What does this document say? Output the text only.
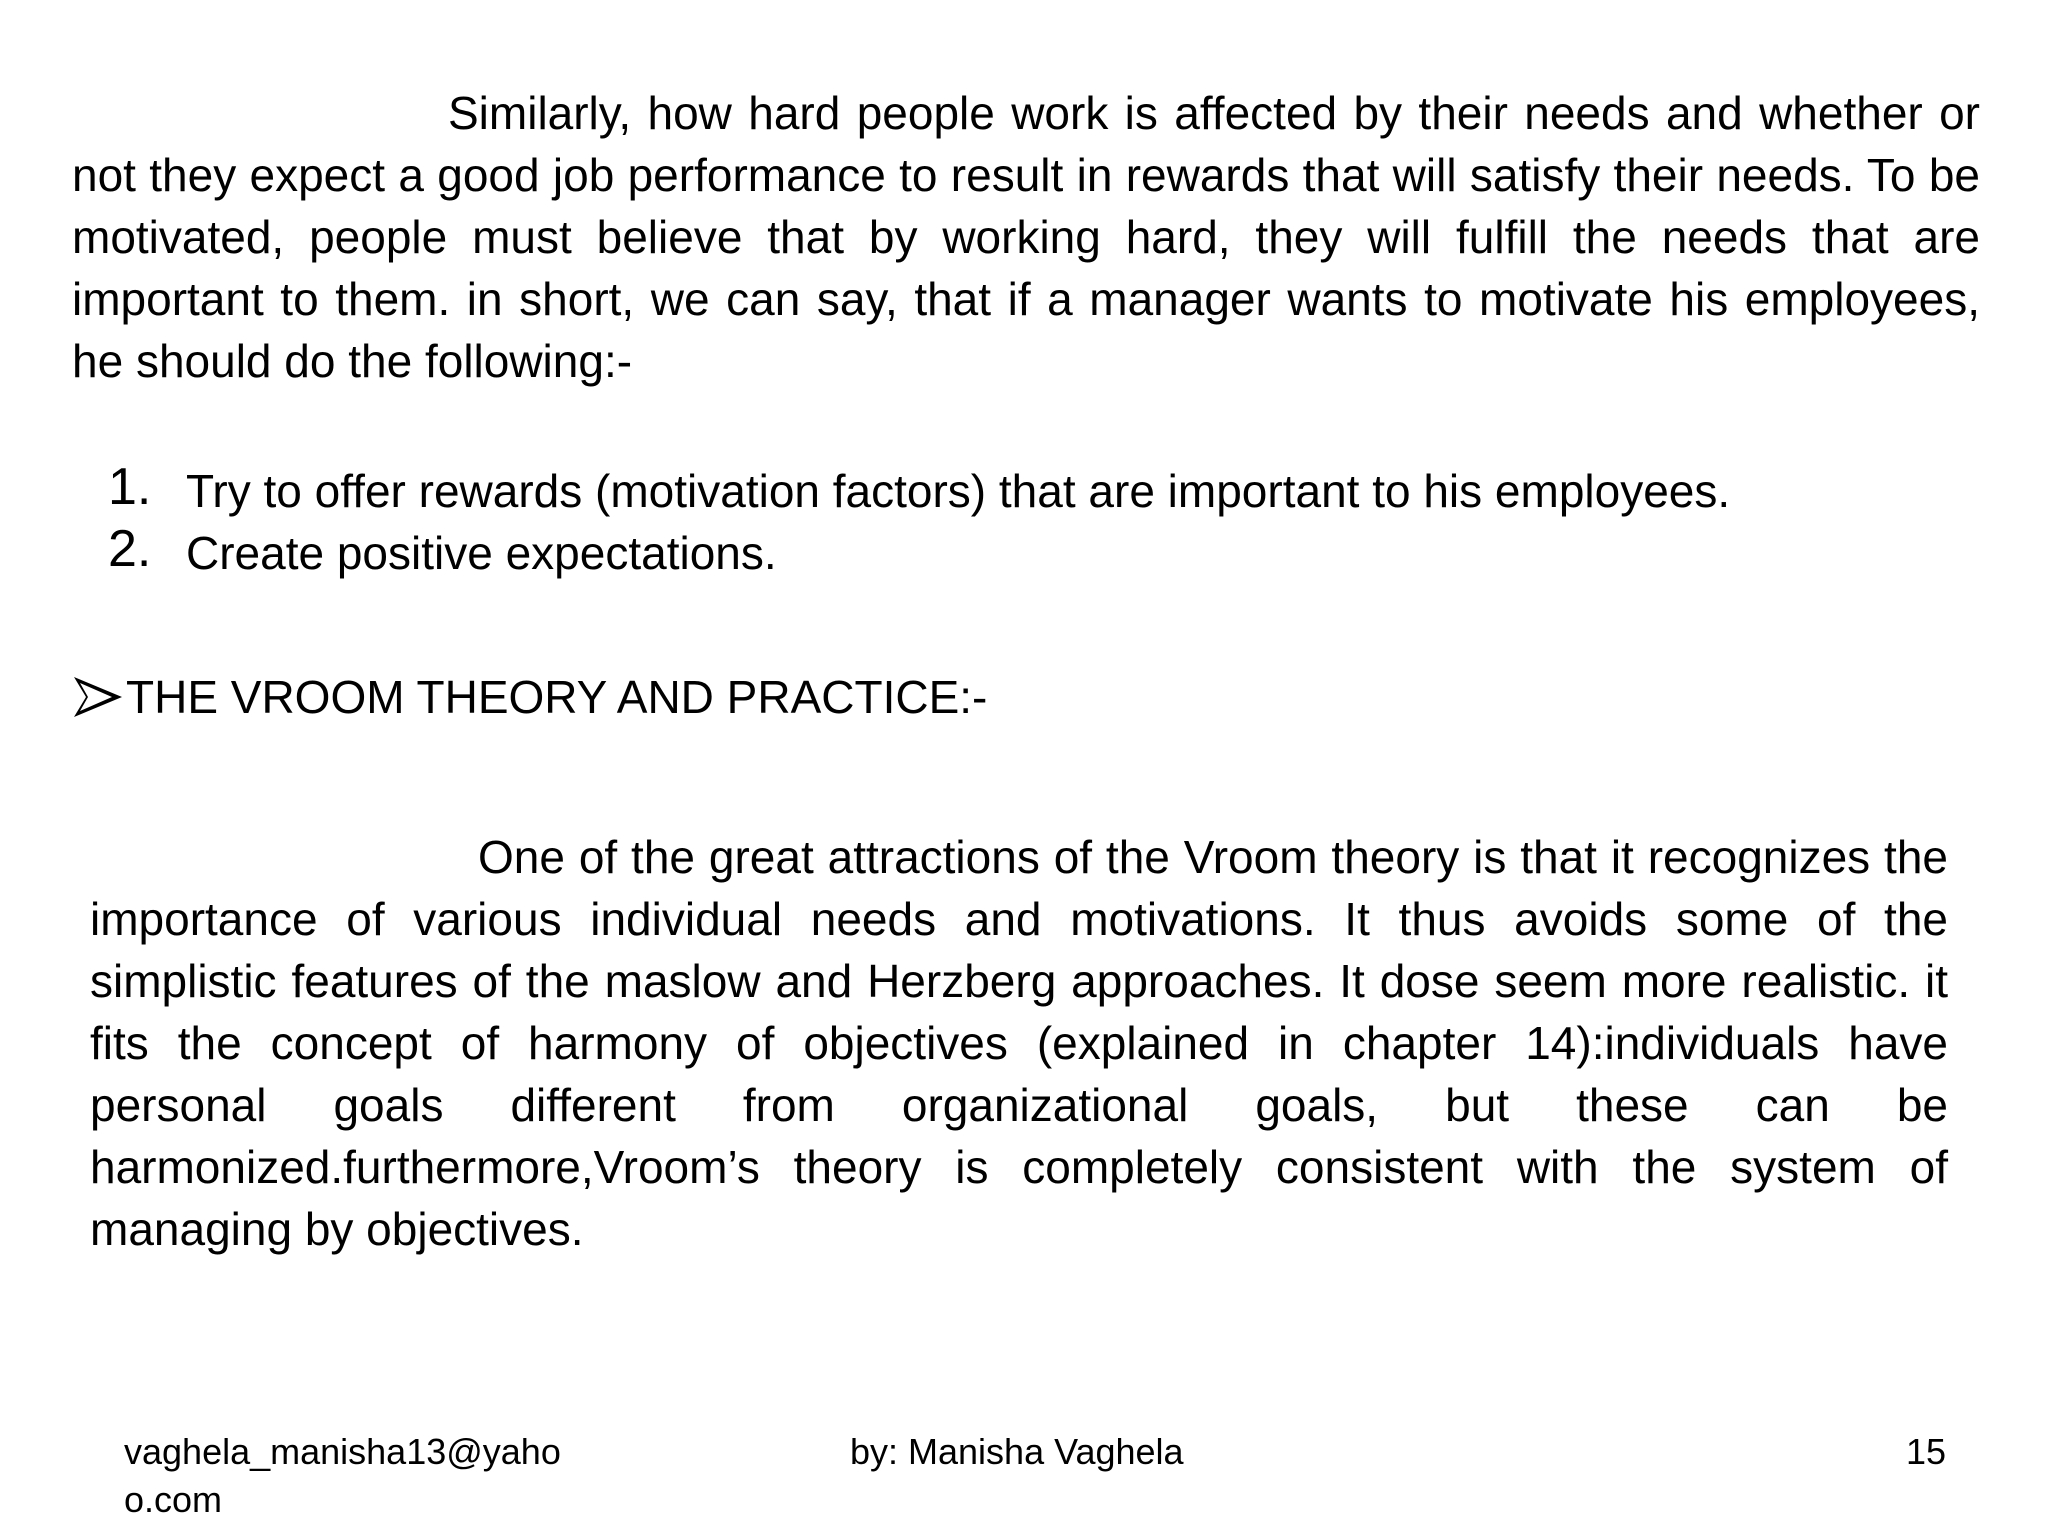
Similarly, how hard people work is affected by their needs and whether or not they expect a good job performance to result in rewards that will satisfy their needs. To be motivated, people must believe that by working hard, they will fulfill the needs that are important to them. in short, we can say, that if a manager wants to motivate his employees, he should do the following:-

1. Try to offer rewards (motivation factors) that are important to his employees.
2. Create positive expectations.
THE VROOM THEORY AND PRACTICE:-

One of the great attractions of the Vroom theory is that it recognizes the importance of various individual needs and motivations. It thus avoids some of the simplistic features of the maslow and Herzberg approaches. It dose seem more realistic. it fits the concept of harmony of objectives (explained in chapter 14):individuals have personal goals different from organizational goals, but these can be harmonized.furthermore,Vroom’s theory is completely consistent with the system of managing by objectives.

vaghela_manisha13@yahoo.com
by: Manisha Vaghela	15
